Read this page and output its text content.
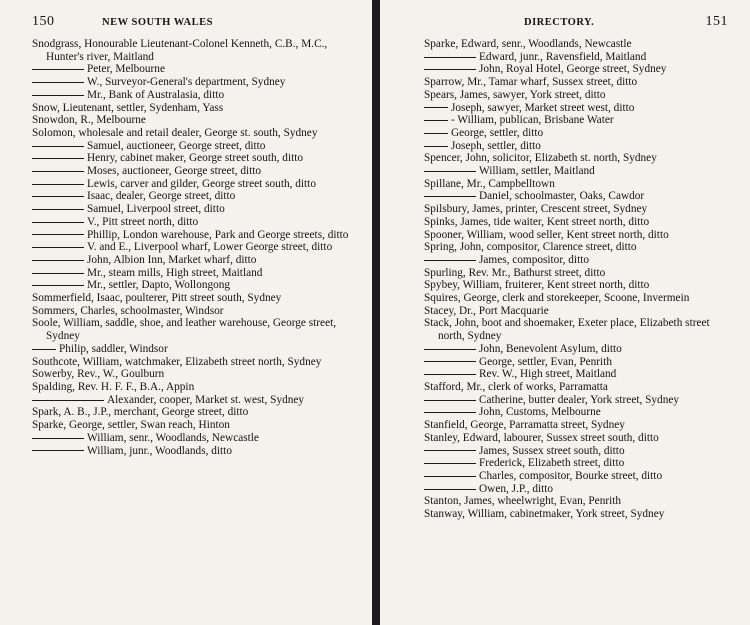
150	NEW SOUTH WALES
Snodgrass, Honourable Lieutenant-Colonel Kenneth, C.B., M.C., Hunter's river, Maitland
Peter, Melbourne
W., Surveyor-General's department, Sydney
Mr., Bank of Australasia, ditto
Snow, Lieutenant, settler, Sydenham, Yass
Snowdon, R., Melbourne
Solomon, wholesale and retail dealer, George st. south, Sydney
Samuel, auctioneer, George street, ditto
Henry, cabinet maker, George street south, ditto
Moses, auctioneer, George street, ditto
Lewis, carver and gilder, George street south, ditto
Isaac, dealer, George street, ditto
Samuel, Liverpool street, ditto
V., Pitt street north, ditto
Phillip, London warehouse, Park and George streets, ditto
V. and E., Liverpool wharf, Lower George street, ditto
John, Albion Inn, Market wharf, ditto
Mr., steam mills, High street, Maitland
Mr., settler, Dapto, Wollongong
Sommerfield, Isaac, poulterer, Pitt street south, Sydney
Sommers, Charles, schoolmaster, Windsor
Soole, William, saddle, shoe, and leather warehouse, George street, Sydney
Philip, saddler, Windsor
Southcote, William, watchmaker, Elizabeth street north, Sydney
Sowerby, Rev., W., Goulburn
Spalding, Rev. H. F. F., B.A., Appin
Alexander, cooper, Market st. west, Sydney
Spark, A. B., J.P., merchant, George street, ditto
Sparke, George, settler, Swan reach, Hinton
William, senr., Woodlands, Newcastle
William, junr., Woodlands, ditto
DIRECTORY.	151
Sparke, Edward, senr., Woodlands, Newcastle
Edward, junr., Ravensfield, Maitland
John, Royal Hotel, George street, Sydney
Sparrow, Mr., Tamar wharf, Sussex street, ditto
Spears, James, sawyer, York street, ditto
Joseph, sawyer, Market street west, ditto
- William, publican, Brisbane Water
George, settler, ditto
Joseph, settler, ditto
Spencer, John, solicitor, Elizabeth st. north, Sydney
William, settler, Maitland
Spillane, Mr., Campbelltown
Daniel, schoolmaster, Oaks, Cawdor
Spilsbury, James, printer, Crescent street, Sydney
Spinks, James, tide waiter, Kent street north, ditto
Spooner, William, wood seller, Kent street north, ditto
Spring, John, compositor, Clarence street, ditto
James, compositor, ditto
Spurling, Rev. Mr., Bathurst street, ditto
Spybey, William, fruiterer, Kent street north, ditto
Squires, George, clerk and storekeeper, Scoone, Invermein
Stacey, Dr., Port Macquarie
Stack, John, boot and shoemaker, Exeter place, Elizabeth street north, Sydney
John, Benevolent Asylum, ditto
George, settler, Evan, Penrith
Rev. W., High street, Maitland
Stafford, Mr., clerk of works, Parramatta
Catherine, butter dealer, York street, Sydney
John, Customs, Melbourne
Stanfield, George, Parramatta street, Sydney
Stanley, Edward, labourer, Sussex street south, ditto
James, Sussex street south, ditto
Frederick, Elizabeth street, ditto
Charles, compositor, Bourke street, ditto
Owen, J.P., ditto
Stanton, James, wheelwright, Evan, Penrith
Stanway, William, cabinetmaker, York street, Sydney
